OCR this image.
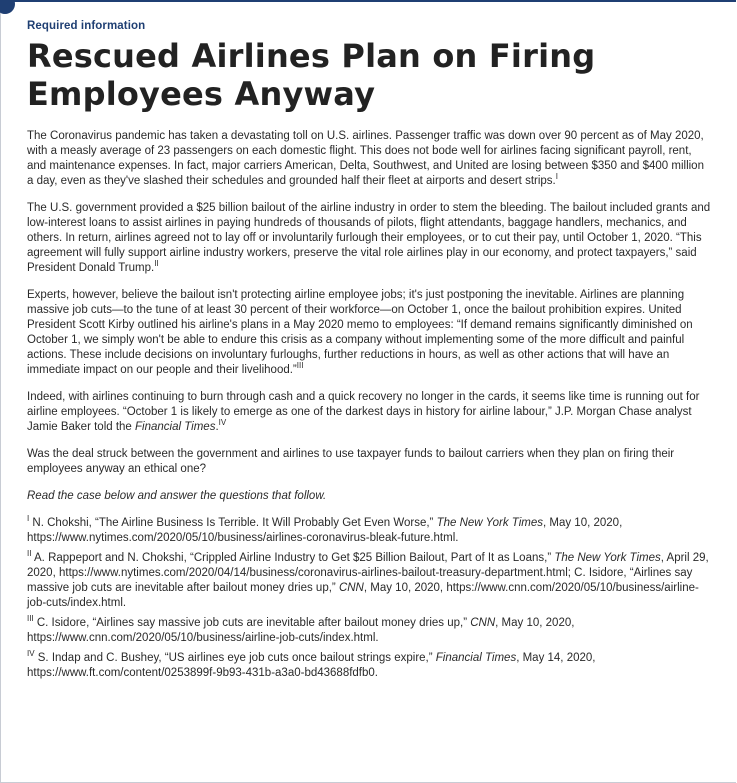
Required information
Rescued Airlines Plan on Firing Employees Anyway

The Coronavirus pandemic has taken a devastating toll on U.S. airlines. Passenger traffic was down over 90 percent as of May 2020, with a measly average of 23 passengers on each domestic flight. This does not bode well for airlines facing significant payroll, rent, and maintenance expenses. In fact, major carriers American, Delta, Southwest, and United are losing between $350 and $400 million a day, even as they've slashed their schedules and grounded half their fleet at airports and desert strips.$^I$

The U.S. government provided a $25 billion bailout of the airline industry in order to stem the bleeding. The bailout included grants and low-interest loans to assist airlines in paying hundreds of thousands of pilots, flight attendants, baggage handlers, mechanics, and others. In return, airlines agreed not to lay off or involuntarily furlough their employees, or to cut their pay, until October 1, 2020. “This agreement will fully support airline industry workers, preserve the vital role airlines play in our economy, and protect taxpayers,” said President Donald Trump.$^{II}$

Experts, however, believe the bailout isn't protecting airline employee jobs; it's just postponing the inevitable. Airlines are planning massive job cuts—to the tune of at least 30 percent of their workforce—on October 1, once the bailout prohibition expires. United President Scott Kirby outlined his airline's plans in a May 2020 memo to employees: “If demand remains significantly diminished on October 1, we simply won't be able to endure this crisis as a company without implementing some of the more difficult and painful actions. These include decisions on involuntary furloughs, further reductions in hours, as well as other actions that will have an immediate impact on our people and their livelihood.”$^{III}$

Indeed, with airlines continuing to burn through cash and a quick recovery no longer in the cards, it seems like time is running out for airline employees. “October 1 is likely to emerge as one of the darkest days in history for airline labour,” J.P. Morgan Chase analyst Jamie Baker told the Financial Times.$^{IV}$

Was the deal struck between the government and airlines to use taxpayer funds to bailout carriers when they plan on firing their employees anyway an ethical one?

Read the case below and answer the questions that follow.

$^I$ N. Chokshi, “The Airline Business Is Terrible. It Will Probably Get Even Worse,” The New York Times, May 10, 2020, https://www.nytimes.com/2020/05/10/business/airlines-coronavirus-bleak-future.html.
$^{II}$ A. Rappeport and N. Chokshi, “Crippled Airline Industry to Get $25 Billion Bailout, Part of It as Loans,” The New York Times, April 29, 2020, https://www.nytimes.com/2020/04/14/business/coronavirus-airlines-bailout-treasury-department.html; C. Isidore, “Airlines say massive job cuts are inevitable after bailout money dries up,” CNN, May 10, 2020, https://www.cnn.com/2020/05/10/business/airline-job-cuts/index.html.
$^{III}$ C. Isidore, “Airlines say massive job cuts are inevitable after bailout money dries up,” CNN, May 10, 2020, https://www.cnn.com/2020/05/10/business/airline-job-cuts/index.html.
$^{IV}$ S. Indap and C. Bushey, “US airlines eye job cuts once bailout strings expire,” Financial Times, May 14, 2020, https://www.ft.com/content/0253899f-9b93-431b-a3a0-bd43688fdfb0.
